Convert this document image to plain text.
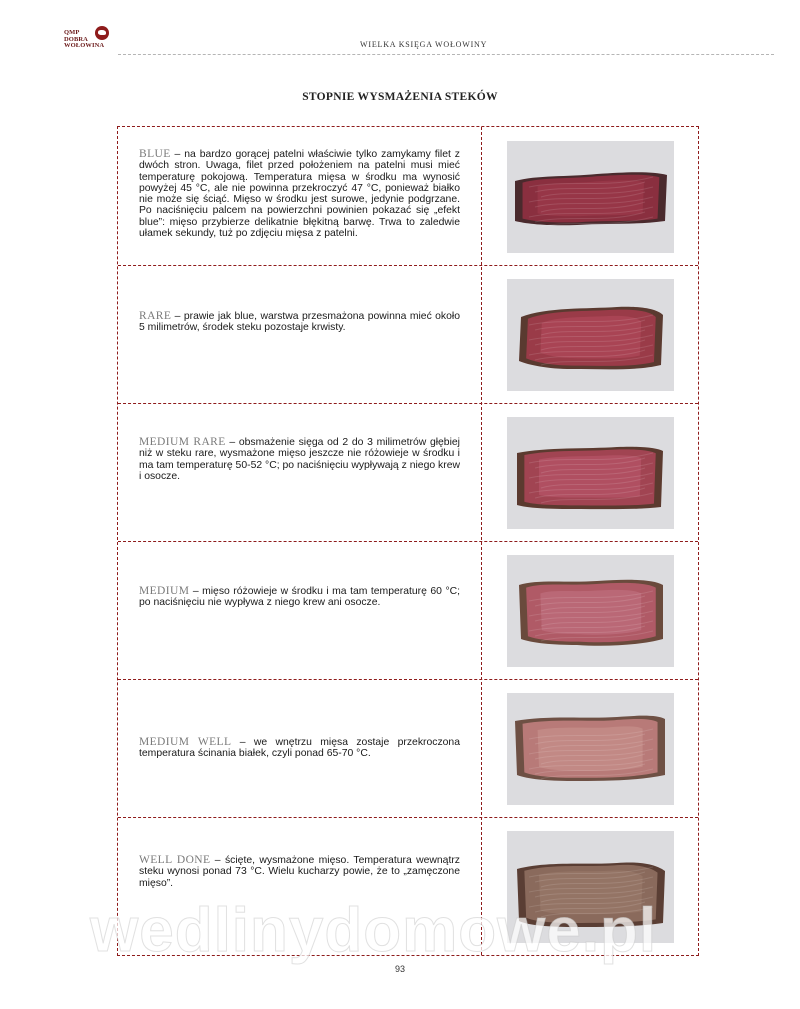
QMP
DOBRA
WOŁOWINA	WIELKA KSIĘGA WOŁOWINY
STOPNIE WYSMAŻENIA STEKÓW
BLUE – na bardzo gorącej patelni właściwie tylko zamykamy filet z dwóch stron. Uwaga, filet przed położeniem na patelni musi mieć temperaturę pokojową. Temperatura mięsa w środku ma wynosić powyżej 45 °C, ale nie powinna przekroczyć 47 °C, ponieważ białko nie może się ściąć. Mięso w środku jest surowe, jedynie podgrzane. Po naciśnięciu palcem na powierzchni powinien pokazać się „efekt blue”: mięso przybierze delikatnie błękitną barwę. Trwa to zaledwie ułamek sekundy, tuż po zdjęciu mięsa z patelni.
RARE – prawie jak blue, warstwa przesmażona powinna mieć około 5 milimetrów, środek steku pozostaje krwisty.
MEDIUM RARE – obsmażenie sięga od 2 do 3 milimetrów głębiej niż w steku rare, wysmażone mięso jeszcze nie różowieje w środku i ma tam temperaturę 50-52 °C; po naciśnięciu wypływają z niego krew i osocze.
MEDIUM – mięso różowieje w środku i ma tam temperaturę 60 °C; po naciśnięciu nie wypływa z niego krew ani osocze.
MEDIUM WELL – we wnętrzu mięsa zostaje przekroczona temperatura ścinania białek, czyli ponad 65-70 °C.
WELL DONE – ścięte, wysmażone mięso. Temperatura wewnątrz steku wynosi ponad 73 °C. Wielu kucharzy powie, że to „zamęczone mięso”.
93
wedlinydomowe.pl
